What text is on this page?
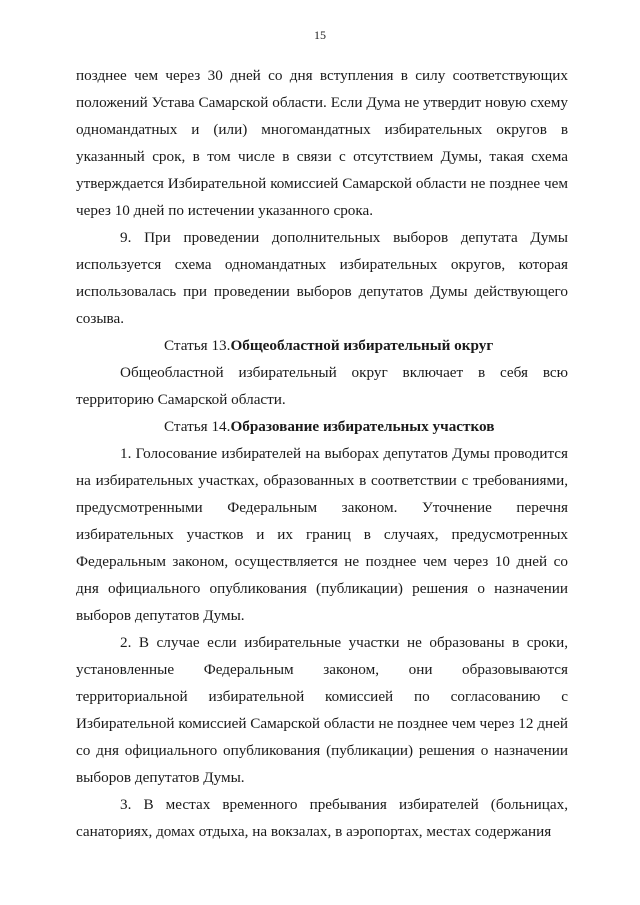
15

позднее чем через 30 дней со дня вступления в силу соответствующих положений Устава Самарской области. Если Дума не утвердит новую схему одномандатных и (или) многомандатных избирательных округов в указанный срок, в том числе в связи с отсутствием Думы, такая схема утверждается Избирательной комиссией Самарской области не позднее чем через 10 дней по истечении указанного срока.

9. При проведении дополнительных выборов депутата Думы используется схема одномандатных избирательных округов, которая использовалась при проведении выборов депутатов Думы действующего созыва.

Статья 13.Общеобластной избирательный округ

Общеобластной избирательный округ включает в себя всю территорию Самарской области.

Статья 14.Образование избирательных участков

1. Голосование избирателей на выборах депутатов Думы проводится на избирательных участках, образованных в соответствии с требованиями, предусмотренными Федеральным законом. Уточнение перечня избирательных участков и их границ в случаях, предусмотренных Федеральным законом, осуществляется не позднее чем через 10 дней со дня официального опубликования (публикации) решения о назначении выборов депутатов Думы.

2. В случае если избирательные участки не образованы в сроки, установленные Федеральным законом, они образовываются территориальной избирательной комиссией по согласованию с Избирательной комиссией Самарской области не позднее чем через 12 дней со дня официального опубликования (публикации) решения о назначении выборов депутатов Думы.

3. В местах временного пребывания избирателей (больницах, санаториях, домах отдыха, на вокзалах, в аэропортах, местах содержания
